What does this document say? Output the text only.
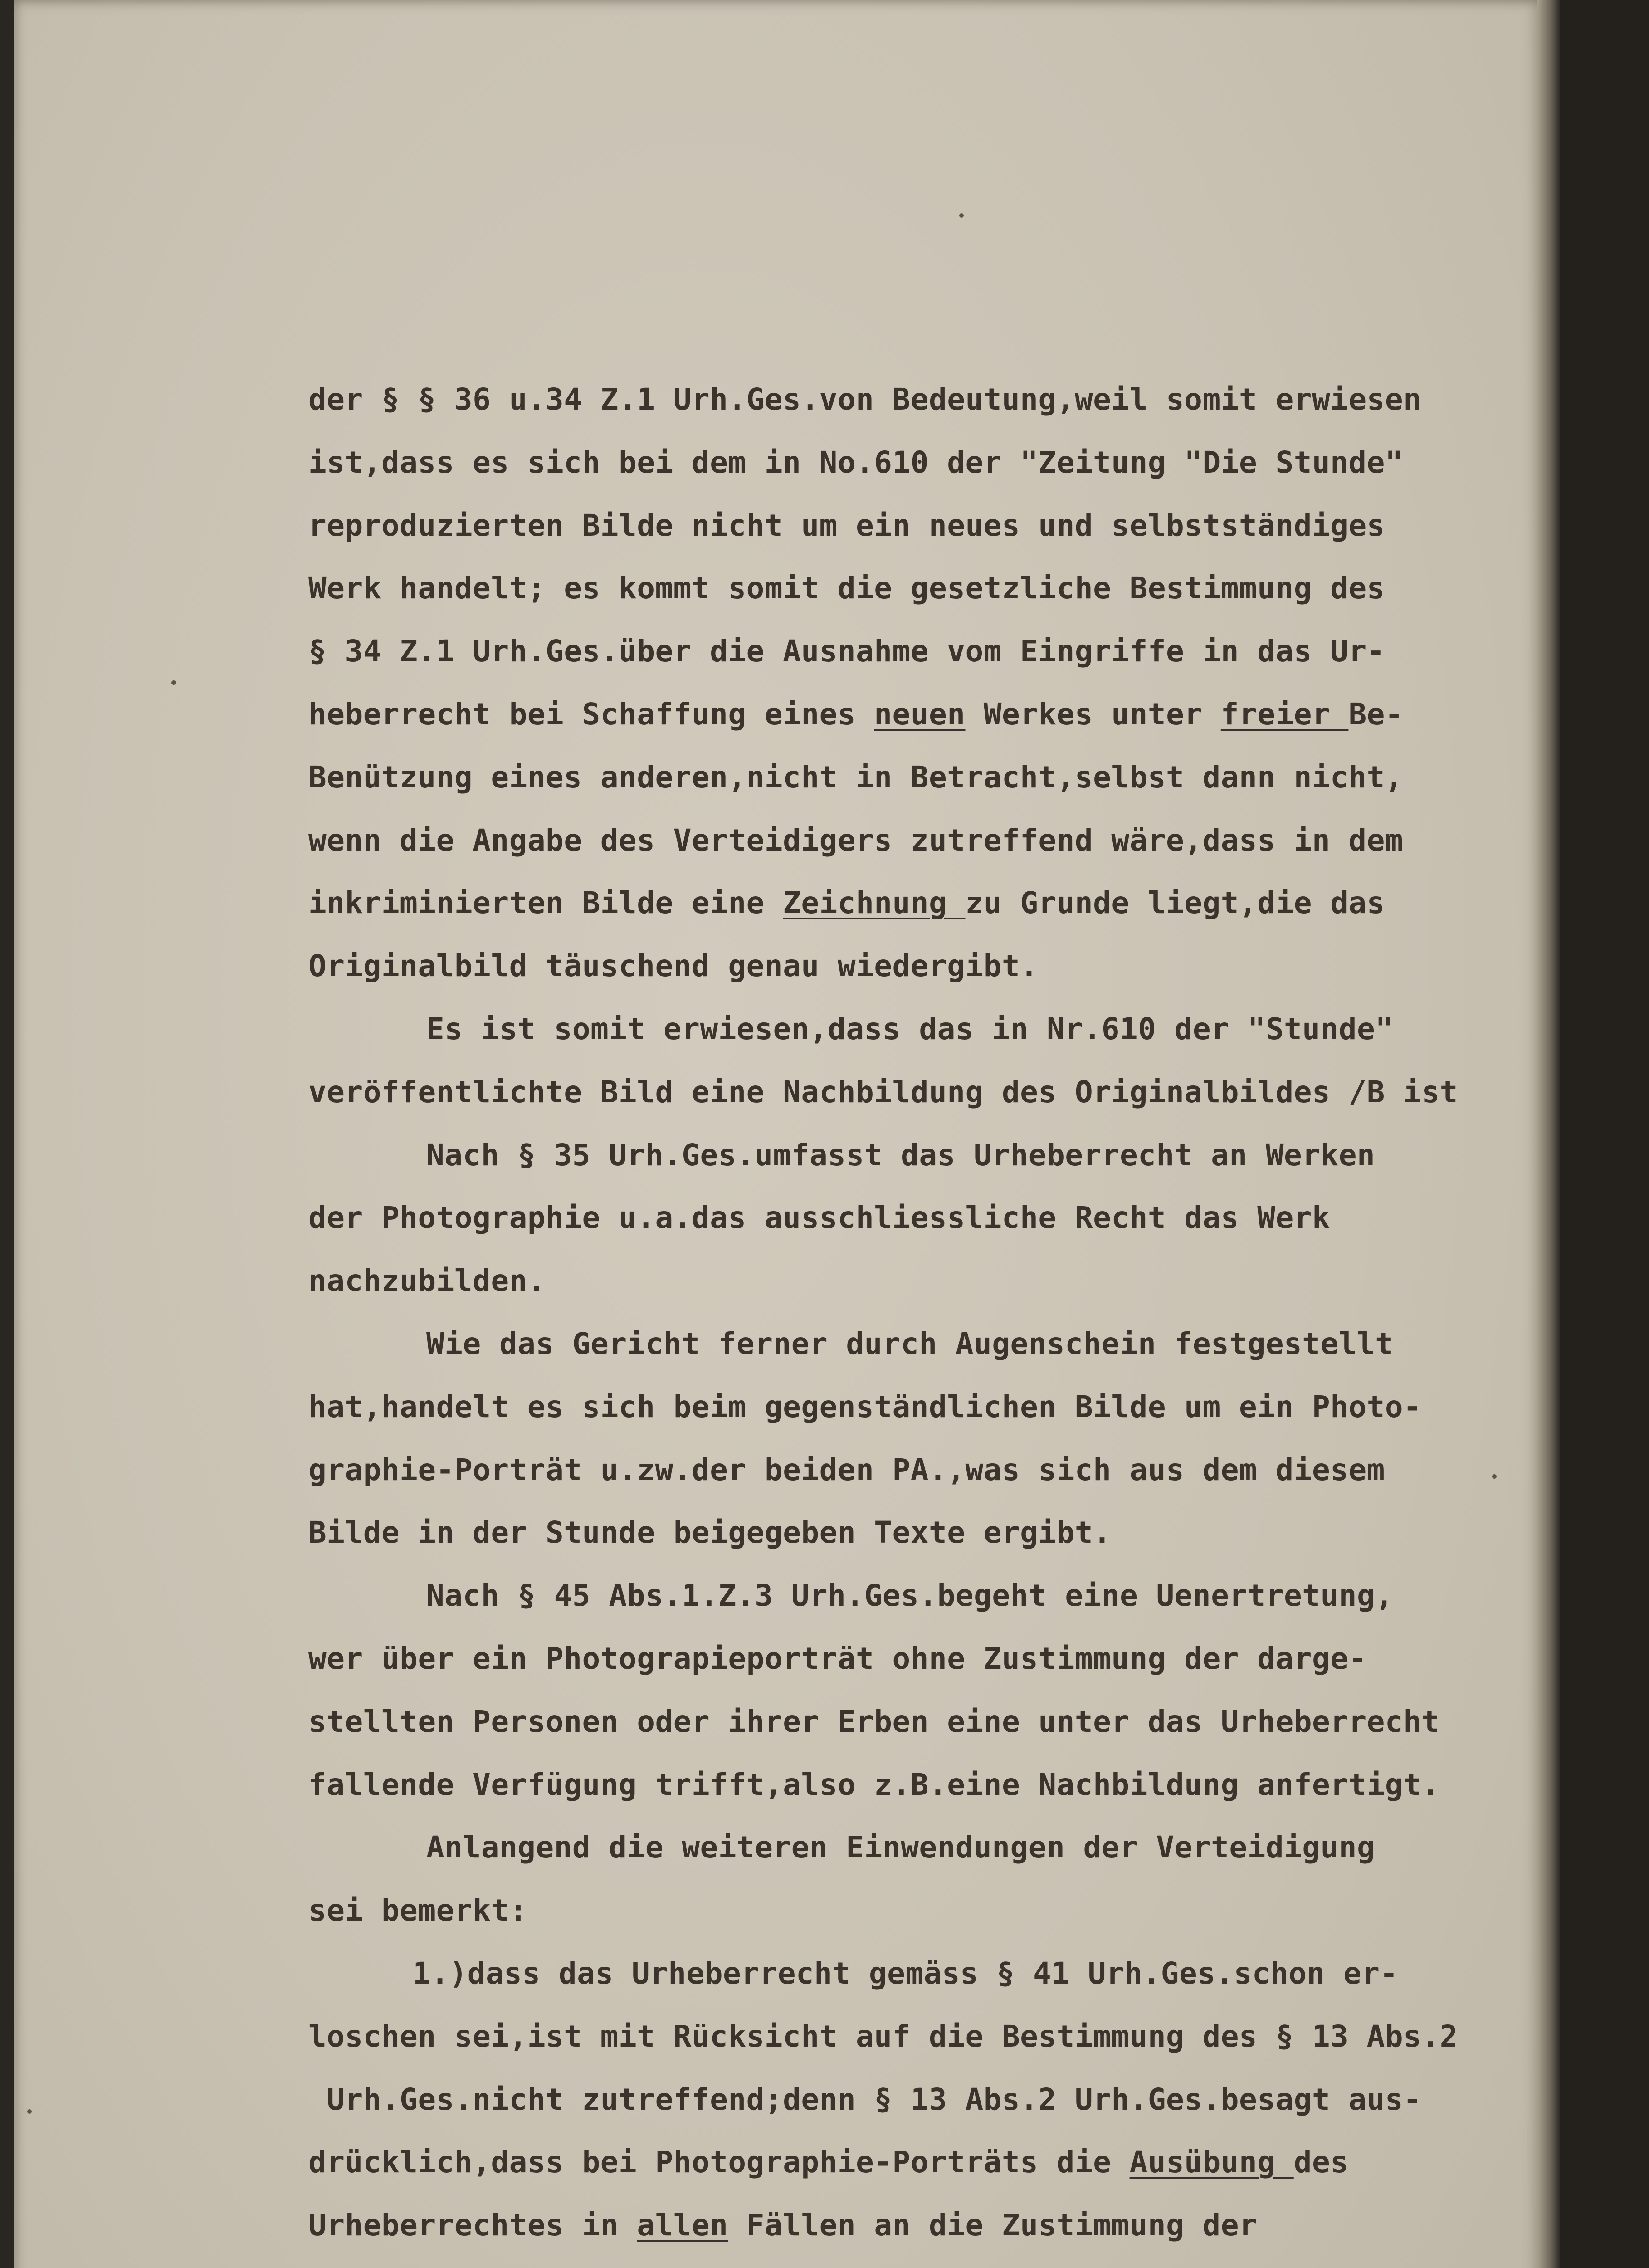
der § § 36 u.34 Z.1 Urh.Ges.von Bedeutung,weil somit erwiesen
ist,dass es sich bei dem in No.610 der "Zeitung "Die Stunde"
reproduzierten Bilde nicht um ein neues und selbstständiges
Werk handelt; es kommt somit die gesetzliche Bestimmung des
§ 34 Z.1 Urh.Ges.über die Ausnahme vom Eingriffe in das Ur-
heberrecht bei Schaffung eines neuen Werkes unter freier Be-
Benützung eines anderen,nicht in Betracht,selbst dann nicht,
wenn die Angabe des Verteidigers zutreffend wäre,dass in dem
inkriminierten Bilde eine Zeichnung zu Grunde liegt,die das
Originalbild täuschend genau wiedergibt.
Es ist somit erwiesen,dass das in Nr.610 der "Stunde"
veröffentlichte Bild eine Nachbildung des Originalbildes /B ist
Nach § 35 Urh.Ges.umfasst das Urheberrecht an Werken
der Photographie u.a.das ausschliessliche Recht das Werk
nachzubilden.
Wie das Gericht ferner durch Augenschein festgestellt
hat,handelt es sich beim gegenständlichen Bilde um ein Photo-
graphie-Porträt u.zw.der beiden PA.,was sich aus dem diesem
Bilde in der Stunde beigegeben Texte ergibt.
Nach § 45 Abs.1.Z.3 Urh.Ges.begeht eine Uenertretung,
wer über ein Photograpieporträt ohne Zustimmung der darge-
stellten Personen oder ihrer Erben eine unter das Urheberrecht
fallende Verfügung trifft,also z.B.eine Nachbildung anfertigt.
Anlangend die weiteren Einwendungen der Verteidigung
sei bemerkt:
1.)dass das Urheberrecht gemäss § 41 Urh.Ges.schon er-
loschen sei,ist mit Rücksicht auf die Bestimmung des § 13 Abs.2
Urh.Ges.nicht zutreffend;denn § 13 Abs.2 Urh.Ges.besagt aus-
drücklich,dass bei Photographie-Porträts die Ausübung des
Urheberrechtes in allen Fällen an die Zustimmung der
